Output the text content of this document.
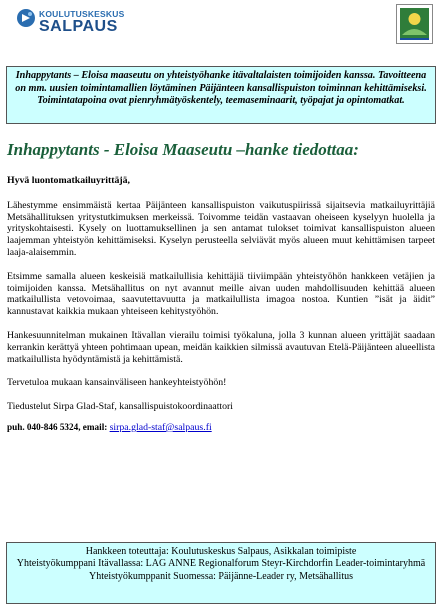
KOULUTUSKESKUS
SALPAUS
Inhappytants – Eloisa maaseutu on yhteistyöhanke itävaltalaisten toimijoiden kanssa. Tavoitteena on mm. uusien toimintamallien löytäminen Päijänteen kansallispuiston toiminnan kehittämiseksi. Toimintatapoina ovat pienryhmätyöskentely, teemaseminaarit, työpajat ja opintomatkat.
Inhappytants - Eloisa Maaseutu –hanke tiedottaa:

Hyvä luontomatkailuyrittäjä,

Lähestymme ensimmäistä kertaa Päijänteen kansallispuiston vaikutuspiirissä sijaitsevia matkailuyrittäjiä Metsähallituksen yritystutkimuksen merkeissä. Toivomme teidän vastaavan oheiseen kyselyyn huolella ja yrityskohtaisesti. Kysely on luottamuksellinen ja sen antamat tulokset toimivat kansallispuiston alueen laajemman yhteistyön kehittämiseksi. Kyselyn perusteella selviävät myös alueen muut kehittämisen tarpeet laaja-alaisemmin.

Etsimme samalla alueen keskeisiä matkailullisia kehittäjiä tiiviimpään yhteistyöhön hankkeen vetäjien ja toimijoiden kanssa. Metsähallitus on nyt avannut meille aivan uuden mahdollisuuden kehittää alueen matkailullista vetovoimaa, saavutettavuutta ja matkailullista imagoa nostoa. Kuntien ”isät ja äidit” kannustavat kaikkia mukaan yhteiseen kehitystyöhön.

Hankesuunnitelman mukainen Itävallan vierailu toimisi työkaluna, jolla 3 kunnan alueen yrittäjät saadaan kerrankin kerättyä yhteen pohtimaan upean, meidän kaikkien silmissä avautuvan Etelä-Päijänteen alueellista matkailullista hyödyntämistä ja kehittämistä.

Tervetuloa mukaan kansainväliseen hankeyhteistyöhön!

Tiedustelut Sirpa Glad-Staf, kansallispuistokoordinaattori

puh. 040-846 5324, email: sirpa.glad-staf@salpaus.fi

Hankkeen toteuttaja: Koulutuskeskus Salpaus, Asikkalan toimipiste
Yhteistyökumppani Itävallassa: LAG ANNE Regionalforum Steyr-Kirchdorfin Leader-toimintaryhmä
Yhteistyökumppanit Suomessa: Päijänne-Leader ry, Metsähallitus
